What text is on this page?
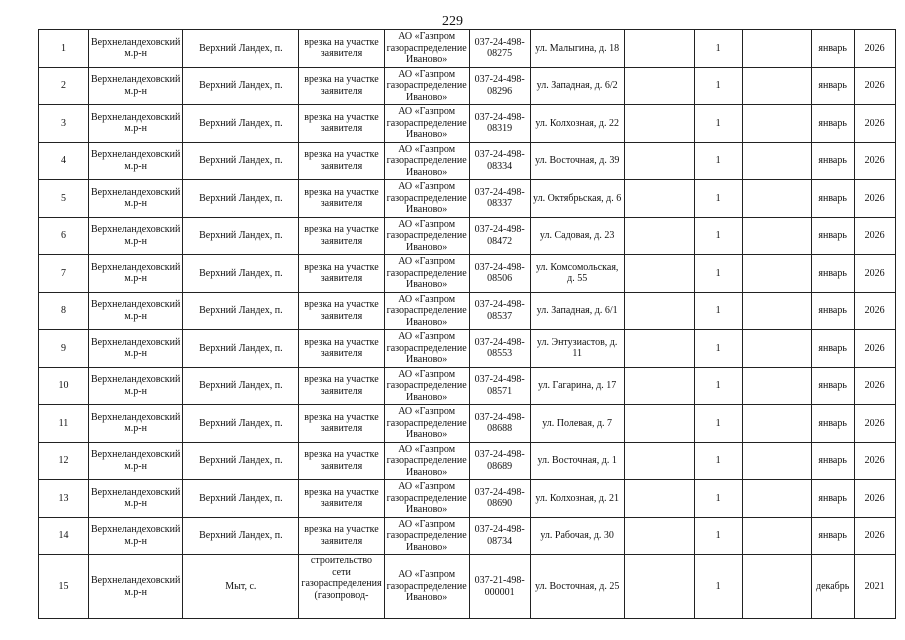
229
1	Верхнеландеховский м.р-н	Верхний Ландех, п.	врезка на участке заявителя	АО «Газпром газораспределение Иваново»	037-24-498-08275	ул. Малыгина, д. 18		1		январь	2026
2	Верхнеландеховский м.р-н	Верхний Ландех, п.	врезка на участке заявителя	АО «Газпром газораспределение Иваново»	037-24-498-08296	ул. Западная, д. 6/2		1		январь	2026
3	Верхнеландеховский м.р-н	Верхний Ландех, п.	врезка на участке заявителя	АО «Газпром газораспределение Иваново»	037-24-498-08319	ул. Колхозная, д. 22		1		январь	2026
4	Верхнеландеховский м.р-н	Верхний Ландех, п.	врезка на участке заявителя	АО «Газпром газораспределение Иваново»	037-24-498-08334	ул. Восточная, д. 39		1		январь	2026
5	Верхнеландеховский м.р-н	Верхний Ландех, п.	врезка на участке заявителя	АО «Газпром газораспределение Иваново»	037-24-498-08337	ул. Октябрьская, д. 6		1		январь	2026
6	Верхнеландеховский м.р-н	Верхний Ландех, п.	врезка на участке заявителя	АО «Газпром газораспределение Иваново»	037-24-498-08472	ул. Садовая, д. 23		1		январь	2026
7	Верхнеландеховский м.р-н	Верхний Ландех, п.	врезка на участке заявителя	АО «Газпром газораспределение Иваново»	037-24-498-08506	ул. Комсомольская, д. 55		1		январь	2026
8	Верхнеландеховский м.р-н	Верхний Ландех, п.	врезка на участке заявителя	АО «Газпром газораспределение Иваново»	037-24-498-08537	ул. Западная, д. 6/1		1		январь	2026
9	Верхнеландеховский м.р-н	Верхний Ландех, п.	врезка на участке заявителя	АО «Газпром газораспределение Иваново»	037-24-498-08553	ул. Энтузиастов, д. 11		1		январь	2026
10	Верхнеландеховский м.р-н	Верхний Ландех, п.	врезка на участке заявителя	АО «Газпром газораспределение Иваново»	037-24-498-08571	ул. Гагарина, д. 17		1		январь	2026
11	Верхнеландеховский м.р-н	Верхний Ландех, п.	врезка на участке заявителя	АО «Газпром газораспределение Иваново»	037-24-498-08688	ул. Полевая, д. 7		1		январь	2026
12	Верхнеландеховский м.р-н	Верхний Ландех, п.	врезка на участке заявителя	АО «Газпром газораспределение Иваново»	037-24-498-08689	ул. Восточная, д. 1		1		январь	2026
13	Верхнеландеховский м.р-н	Верхний Ландех, п.	врезка на участке заявителя	АО «Газпром газораспределение Иваново»	037-24-498-08690	ул. Колхозная, д. 21		1		январь	2026
14	Верхнеландеховский м.р-н	Верхний Ландех, п.	врезка на участке заявителя	АО «Газпром газораспределение Иваново»	037-24-498-08734	ул. Рабочая, д. 30		1		январь	2026
15	Верхнеландеховский м.р-н	Мыт, с.	строительство сети газораспределения (газопровод-	АО «Газпром газораспределение Иваново»	037-21-498-000001	ул. Восточная, д. 25		1		декабрь	2021
